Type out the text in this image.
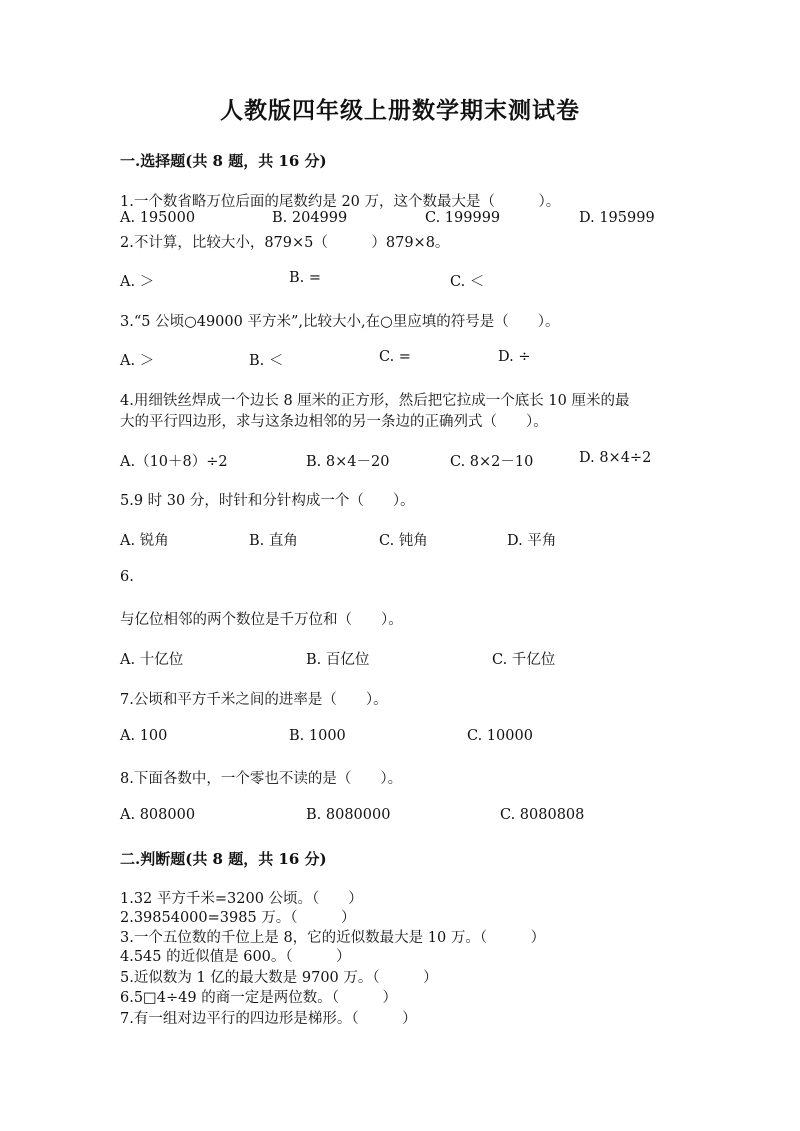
人教版四年级上册数学期末测试卷
一.选择题(共 8 题，共 16 分)
1.一个数省略万位后面的尾数约是 20 万，这个数最大是（　　　）。
A. 195000	B. 204999	C. 199999	D. 195999
2.不计算，比较大小，879×5（　　　）879×8。
A. ＞	B. =	C. ＜
3.“5 公顷○49000 平方米”,比较大小,在○里应填的符号是（　　）。
A. ＞	B. ＜	C. =	D. ÷
4.用细铁丝焊成一个边长 8 厘米的正方形，然后把它拉成一个底长 10 厘米的最
大的平行四边形，求与这条边相邻的另一条边的正确列式（　　）。
A.（10＋8）÷2	B. 8×4－20	C. 8×2－10	D. 8×4÷2
5.9 时 30 分，时针和分针构成一个（　　）。
A. 锐角	B. 直角	C. 钝角	D. 平角
6.
与亿位相邻的两个数位是千万位和（　　）。
A. 十亿位	B. 百亿位	C. 千亿位
7.公顷和平方千米之间的进率是（　　）。
A. 100	B. 1000	C. 10000
8.下面各数中，一个零也不读的是（　　）。
A. 808000	B. 8080000	C. 8080808
二.判断题(共 8 题，共 16 分)
1.32 平方千米=3200 公顷。（　　）
2.39854000=3985 万。（　　　）
3.一个五位数的千位上是 8，它的近似数最大是 10 万。（　　　）
4.545 的近似值是 600。（　　　）
5.近似数为 1 亿的最大数是 9700 万。（　　　）
6.5□4÷49 的商一定是两位数。（　　　）
7.有一组对边平行的四边形是梯形。（　　　）
